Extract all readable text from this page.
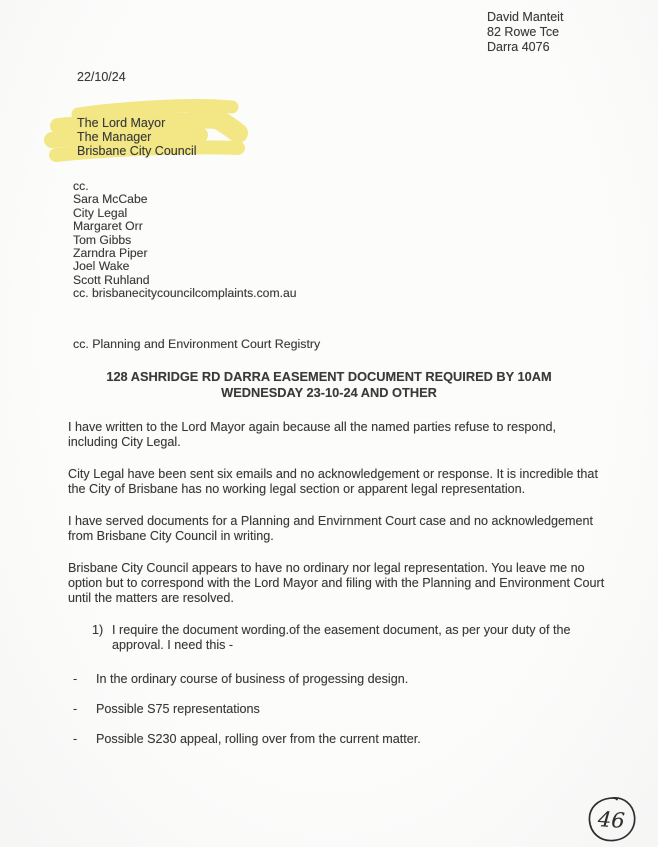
David Manteit
82 Rowe Tce
Darra 4076
22/10/24
The Lord Mayor
The Manager
Brisbane City Council
cc.
Sara McCabe
City Legal
Margaret Orr
Tom Gibbs
Zarndra Piper
Joel Wake
Scott Ruhland
cc. brisbanecitycouncilcomplaints.com.au
cc. Planning and Environment Court Registry
128 ASHRIDGE RD DARRA EASEMENT DOCUMENT REQUIRED BY 10AM
WEDNESDAY 23-10-24 AND OTHER

I have written to the Lord Mayor again because all the named parties refuse to respond, including City Legal.

City Legal have been sent six emails and no acknowledgement or response. It is incredible that the City of Brisbane has no working legal section or apparent legal representation.

I have served documents for a Planning and Envirnment Court case and no acknowledgement from Brisbane City Council in writing.

Brisbane City Council appears to have no ordinary nor legal representation. You leave me no option but to correspond with the Lord Mayor and filing with the Planning and Environment Court until the matters are resolved.

1) I require the document wording.of the easement document, as per your duty of the approval. I need this -
-	In the ordinary course of business of progessing design.
-	Possible S75 representations
-	Possible S230 appeal, rolling over from the current matter.
46
